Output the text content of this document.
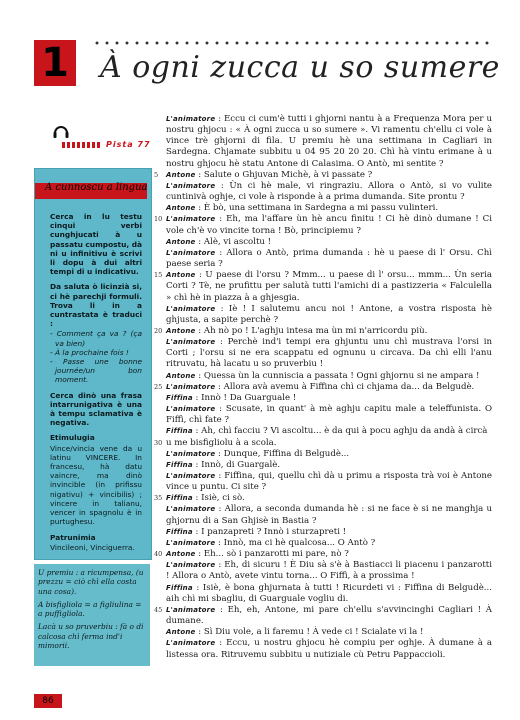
1 À ogni zucca u so sumere
Pista 77
A cunnoscu a lingua

Cerca in lu testu cinqui verbi cunghjucati à u passatu cumpostu, dà ni u infinitivu è scrivi li dopu à dui altri tempi di u indicativu.

Da saluta ò licinzià si, ci hè parechji formuli. Trova li in a cuntrastata è traduci :

- Comment ça va ? (ça va bien)
- À la prochaine fois !
- Passe une bonne journée/un bon moment.

Cerca dinò una frasa intarrunigativa è una à tempu sclamativa è negativa.

Etimulugia

Vince/vincia vene da u latinu VINCERE. In francesu, hà datu vaincre, ma dinò invincible (in prifissu nigativu) + vincibilis) ; vincere in talianu, vencer in spagnolu è in purtughesu.

Patrunimia

Vincileoni, Vinciguerra.

U premiu : a ricumpensa, (u prezzu = ciò chì ella costa una cosa).

A bisfigliola = a figliulina = a puffigliola.

Lacà u so pruverbiu : fà o di calcosa chì ferma ind'i mimorii.

86

L'animatore : Eccu ci cum'è tutti i ghjorni nantu à a Frequenza Mora per u nostru ghjocu : « À ogni zucca u so sumere ». Vi ramentu ch'ellu ci vole à vince trè ghjorni di fila. U premiu hè una settimana in Cagliari in Sardegna. Chjamate subbitu u 04 95 20 20 20. Chì hà vintu erimane à u nostru ghjocu hè statu Antone di Calasima. O Antò, mi sentite ?

5 Antone : Salute o Ghjuvan Michè, à vi passate ?

L'animatore : Ùn ci hè male, vi ringraziu. Allora o Antò, si vo vulite cuntinivà oghje, ci vole à risponde à a prima dumanda. Site prontu ?

Antone : È bò, una settimana in Sardegna a mi passu vulinteri.

10 L'animatore : Eh, ma l'affare ùn hè ancu finitu ! Ci hè dinò dumane ! Ci vole ch'è vo vincite torna ! Bò, principiemu ?

Antone : Alè, vi ascoltu !

L'animatore : Allora o Antò, prima dumanda : hè u paese di l' Orsu. Chì paese seria ?

15 Antone : U paese di l'orsu ? Mmm... u paese di l' orsu... mmm... Ùn seria Corti ? Tè, ne prufittu per salutà tutti l'amichi di a pastizzeria « Falculella » chì hè in piazza à a ghjesgia.

L'animatore : Iè ! I salutemu ancu noi ! Antone, a vostra risposta hè ghjusta, a sapite perchè ?

20 Antone : Ah nò po ! L'aghju intesa ma ùn mi n'arricordu più.

L'animatore : Perchè ind'i tempi era ghjuntu unu chì mustrava l'orsi in Corti ; l'orsu si ne era scappatu ed ognunu u circava. Da chì elli l'anu ritruvatu, hà lacatu u so pruverbiu !

Antone : Quessa ùn la cunniscia a passata ! Ogni ghjornu si ne ampara !

25 L'animatore : Allora avà avemu à Fiffina chì ci chjama da... da Belgudè.

Fiffina : Innò ! Da Guarguale !

L'animatore : Scusate, in quant' à mè aghju capitu male a teleffunista. O Fiffì, chì fate ?

Fiffina : Ah, chì facciu ? Vi ascoltu... è da qui à pocu aghju da andà à circà

30 u me bisfigliolu à a scola.

L'animatore : Dunque, Fiffina di Belgudè...

Fiffina : Innò, di Guargalè.

L'animatore : Fiffina, qui, quellu chì dà u primu a risposta trà voi è Antone vince u puntu. Ci site ?

35 Fiffina : Isiè, ci sò.

L'animatore : Allora, a seconda dumanda hè : si ne face è si ne manghja u ghjornu di a San Ghjisè in Bastia ?

Fiffina : I panzapreti ? Innò i sturzapreti !

L'animatore : Innò, ma ci hè qualcosa... O Antò ?

40 Antone : Eh... sò i panzarotti mi pare, nò ?

L'animatore : Eh, di sicuru ! È Diu sà s'è à Bastiacci li piacenu i panzarotti ! Allora o Antò, avete vintu torna... O Fiffì, à a prossima !

Fiffina : Isiè, è bona ghjurnata à tutti ! Ricurdeti vi : Fiffina di Belgudè... aih chì mi sbagliu, di Guarguale vogliu di.

45 L'animatore : Eh, eh, Antone, mi pare ch'ellu s'avvincinghi Cagliari ! À dumane.

Antone : Sì Diu vole, a li faremu ! À vede ci ! Scialate vi la !

L'animatore : Eccu, u nostru ghjocu hè compiu per oghje. À dumane à a listessa ora. Ritruvemu subbitu u nutiziale cù Petru Pappaccioli.
